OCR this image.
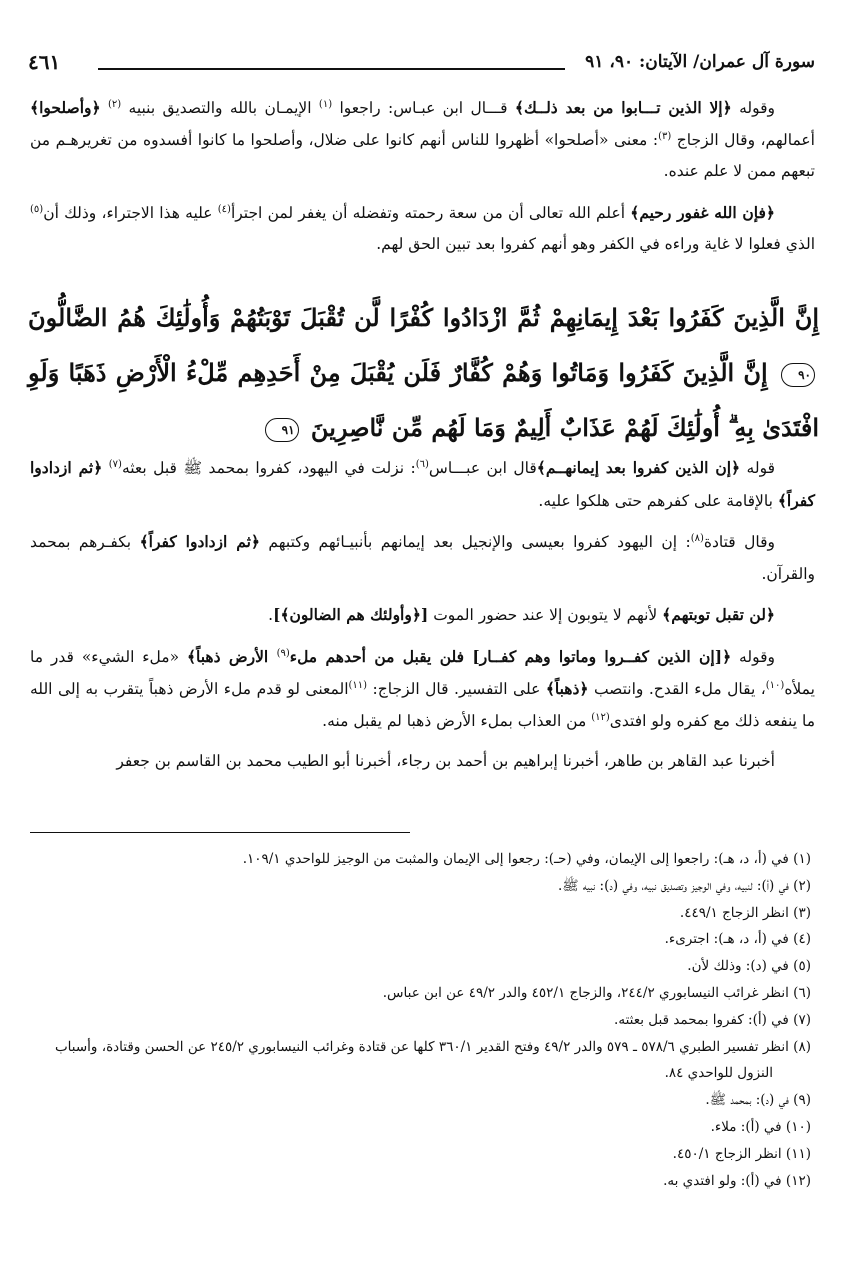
سورة آل عمران/ الآيتان: ٩٠، ٩١
٤٦١

وقوله ﴿إلا الذين تـــابوا من بعد ذلــك﴾ قـــال ابن عبـاس: راجعوا $^{(١)}$ الإيمـان بالله والتصديق بنبيه $^{(٢)}$ ﴿وأصلحوا﴾ أعمالهم، وقال الزجاج $^{(٣)}$: معنى «أصلحوا» أظهروا للناس أنهم كانوا على ضلال، وأصلحوا ما كانوا أفسدوه من تغريرهـم من تبعهم ممن لا علم عنده.

﴿فإن الله غفور رحيم﴾ أعلم الله تعالى أن من سعة رحمته وتفضله أن يغفر لمن اجترأ$^{(٤)}$ عليه هذا الاجتراء، وذلك أن$^{(٥)}$ الذي فعلوا لا غاية وراءه في الكفر وهو أنهم كفروا بعد تبين الحق لهم.

إِنَّ الَّذِينَ كَفَرُوا بَعْدَ إِيمَانِهِمْ ثُمَّ ازْدَادُوا كُفْرًا لَّن تُقْبَلَ تَوْبَتُهُمْ وَأُولَٰئِكَ هُمُ الضَّالُّونَ ٩٠ إِنَّ الَّذِينَ كَفَرُوا وَمَاتُوا وَهُمْ كُفَّارٌ فَلَن يُقْبَلَ مِنْ أَحَدِهِم مِّلْءُ الْأَرْضِ ذَهَبًا وَلَوِ افْتَدَىٰ بِهِ ۗ أُولَٰئِكَ لَهُمْ عَذَابٌ أَلِيمٌ وَمَا لَهُم مِّن نَّاصِرِينَ ٩١

قوله ﴿إن الذين كفروا بعد إيمانهــم﴾قال ابن عبـــاس$^{(٦)}$: نزلت في اليهود، كفروا بمحمد ﷺ قبل بعثه$^{(٧)}$ ﴿ثم ازدادوا كفراً﴾ بالإقامة على كفرهم حتى هلكوا عليه.

وقال قتادة$^{(٨)}$: إن اليهود كفروا بعيسى والإنجيل بعد إيمانهم بأنبيـائهم وكتبهم ﴿ثم ازدادوا كفراً﴾ بكفـرهم بمحمد والقرآن.

﴿لن تقبل توبتهم﴾ لأنهم لا يتوبون إلا عند حضور الموت [﴿وأولئك هم الضالون﴾].

وقوله ﴿[إن الذين كفــروا وماتوا وهم كفــار] فلن يقبل من أحدهم ملء$^{(٩)}$ الأرض ذهباً﴾ «ملء الشيء» قدر ما يملأه$^{(١٠)}$، يقال ملء القدح. وانتصب ﴿ذهباً﴾ على التفسير. قال الزجاج: $^{(١١)}$المعنى لو قدم ملء الأرض ذهباً يتقرب به إلى الله ما ينفعه ذلك مع كفره ولو افتدى$^{(١٢)}$ من العذاب بملء الأرض ذهبا لم يقبل منه.

أخبرنا عبد القاهر بن طاهر، أخبرنا إبراهيم بن أحمد بن رجاء، أخبرنا أبو الطيب محمد بن القاسم بن جعفر

(١) في (أ، د، هـ): راجعوا إلى الإيمان، وفي (حـ): رجعوا إلى الإيمان والمثبت من الوجيز للواحدي ١٠٩/١.

(٢) في (أ): لنبيه، وفي الوجيز وتصديق نبيه، وفي (د): نبيه ﷺ.

(٣) انظر الزجاج ٤٤٩/١.

(٤) في (أ، د، هـ): اجترىء.

(٥) في (د): وذلك لأن.

(٦) انظر غرائب النيسابوري ٢٤٤/٢، والزجاج ٤٥٢/١ والدر ٤٩/٢ عن ابن عباس.

(٧) في (أ): كفروا بمحمد قبل بعثته.

(٨) انظر تفسير الطبري ٥٧٨/٦ ـ ٥٧٩ والدر ٤٩/٢ وفتح القدير ٣٦٠/١ كلها عن قتادة وغرائب النيسابوري ٢٤٥/٢ عن الحسن وقتادة، وأسباب النزول للواحدي ٨٤.

(٩) في (د): بمحمد ﷺ.

(١٠) في (أ): ملاء.

(١١) انظر الزجاج ٤٥٠/١.

(١٢) في (أ): ولو افتدي به.
